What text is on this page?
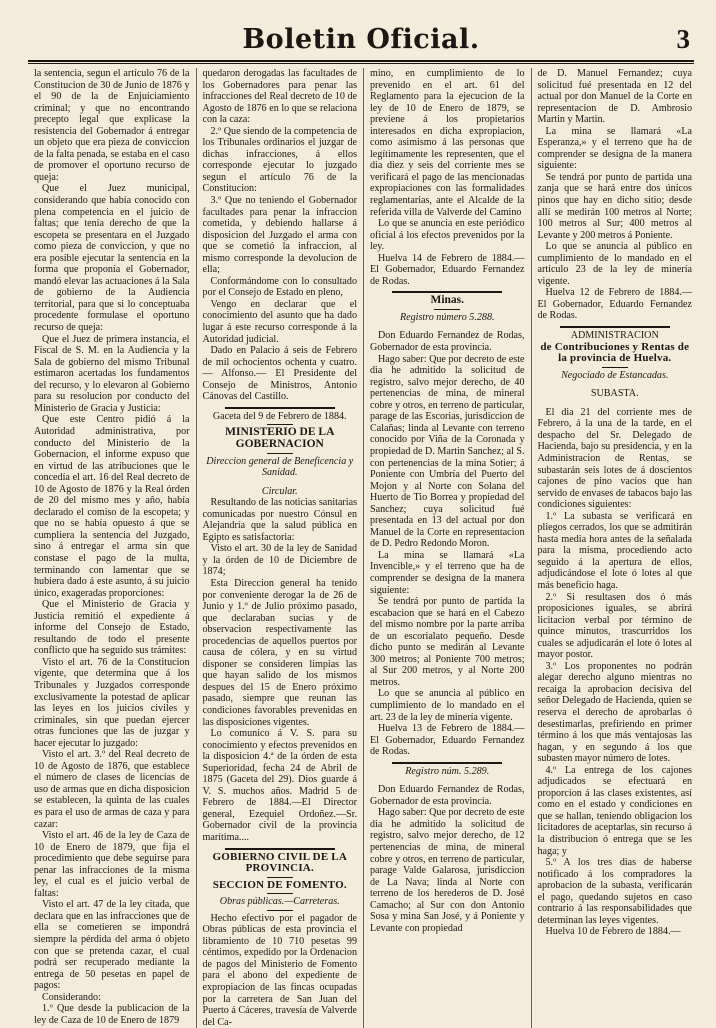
Boletin Oficial.	3

la sentencia, segun el artículo 76 de la Constitucion de 30 de Junio de 1876 y el 90 de la de Enjuiciamiento criminal; y que no encontrando precepto legal que explicase la resistencia del Gobernador á entregar un objeto que era pieza de conviccion de la falta penada, se estaba en el caso de promover el oportuno recurso de queja:

Que el Juez municipal, considerando que había conocido con plena competencia en el juicio de faltas; que tenía derecho de que la escopeta se presentara en el Juzgado como pieza de conviccion, y que no era posible ejecutar la sentencia en la forma que proponía el Gobernador, mandó elevar las actuaciones á la Sala de gobierno de la Audiencia territorial, para que si lo conceptuaba procedente formulase el oportuno recurso de queja:

Que el Juez de primera instancia, el Fiscal de S. M. en la Audiencia y la Sala de gobierno del mismo Tribunal estimaron acertadas los fundamentos del recurso, y lo elevaron al Gobierno para su resolucion por conducto del Ministerio de Gracia y Justicia:

Que este Centro pidió á la Autoridad administrativa, por conducto del Ministerio de la Gobernacion, el informe expuso que en virtud de las atribuciones que le concedía el art. 16 del Real decreto de 10 de Agosto de 1876 y la Real órden de 20 del mismo mes y año, había declarado el comiso de la escopeta; y que no se había opuesto á que se cumpliera la sentencia del Juzgado, sino á entregar el arma sin que constase el pago de la multa, terminando con lamentar que se hubiera dado á este asunto, á su juicio único, exageradas proporciones:

Que el Ministerio de Gracia y Justicia remitió el expediente á informe del Consejo de Estado, resultando de todo el presente conflicto que ha seguido sus trámites:

Visto el art. 76 de la Constitucion vigente, que determina que á los Tribunales y Juzgados corresponde exclusivamente la potestad de aplicar las leyes en los juicios civiles y criminales, sin que puedan ejercer otras funciones que las de juzgar y hacer ejecutar lo juzgado:

Visto el art. 3.º del Real decreto de 10 de Agosto de 1876, que establece el número de clases de licencias de uso de armas que en dicha disposicion se establecen, la quinta de las cuales es para el uso de armas de caza y para cazar:

Visto el art. 46 de la ley de Caza de 10 de Enero de 1879, que fija el procedimiento que debe seguirse para penar las infracciones de la misma ley, el cual es el juicio verbal de faltas:

Visto el art. 47 de la ley citada, que declara que en las infracciones que de ella se cometieren se impondrá siempre la pérdida del arma ó objeto con que se pretenda cazar, el cual podrá ser recuperado mediante la entrega de 50 pesetas en papel de pagos:

Considerando:

1.º Que desde la publicacion de la ley de Caza de 10 de Enero de 1879

quedaron derogadas las facultades de los Gobernadores para penar las infracciones del Real decreto de 10 de Agosto de 1876 en lo que se relaciona con la caza:

2.º Que siendo de la competencia de los Tribunales ordinarios el juzgar de dichas infracciones, á ellos corresponde ejecutar lo juzgado segun el artículo 76 de la Constitucion:

3.º Que no teniendo el Gobernador facultades para penar la infraccion cometida, y debiendo hallarse á disposicion del Juzgado el arma con que se cometió la infraccion, al mismo corresponde la devolucion de ella;

Conformándome con lo consultado por el Consejo de Estado en pleno,

Vengo en declarar que el conocimiento del asunto que ha dado lugar á este recurso corresponde á la Autoridad judicial.

Dado en Palacio á seis de Febrero de mil ochocientos ochenta y cuatro. — Alfonso.— El Presidente del Consejo de Ministros, Antonio Cánovas del Castillo.

Gaceta del 9 de Febrero de 1884.

MINISTERIO DE LA GOBERNACION

Direccion general de Beneficencia y Sanidad.

Circular.

Resultando de las noticias sanitarias comunicadas por nuestro Cónsul en Alejandría que la salud pública en Egipto es satisfactoria:

Visto el art. 30 de la ley de Sanidad y la órden de 10 de Diciembre de 1874;

Esta Direccion general ha tenido por conveniente derogar la de 26 de Junio y 1.º de Julio próximo pasado, que declaraban sucias y de observacion respectivamente las procedencias de aquellos puertos por causa de cólera, y en su virtud disponer se consideren limpias las que hayan salido de los mismos despues del 15 de Enero próximo pasado, siempre que reunan las condiciones favorables prevenidas en las disposiciones vigentes.

Lo comunico á V. S. para su conocimiento y efectos prevenidos en la disposicion 4.ª de la órden de esta Superioridad, fecha 24 de Abril de 1875 (Gaceta del 29). Dios guarde á V. S. muchos años. Madrid 5 de Febrero de 1884.—El Director general, Ezequiel Ordoñez.—Sr. Gobernador civil de la provincia marítima....

GOBIERNO CIVIL DE LA PROVINCIA.

SECCION DE FOMENTO.

Obras públicas.—Carreteras.

Hecho efectivo por el pagador de Obras públicas de esta provincia el libramiento de 10 710 pesetas 99 céntimos, expedido por la Ordenacion de pagos del Ministerio de Fomento para el abono del expediente de expropiacion de las fincas ocupadas por la carretera de San Juan del Puerto á Cáceres, travesía de Valverde del Ca-

mino, en cumplimiento de lo prevenido en el art. 61 del Reglamento para la ejecucion de la ley de 10 de Enero de 1879, se previene á los propietarios interesados en dicha expropiacion, como asimismo á las personas que legítimamente les representen, que el dia diez y seis del corriente mes se verificará el pago de las mencionadas expropiaciones con las formalidades reglamentarias, ante el Alcalde de la referida villa de Valverde del Camino

Lo que se anuncia en este periódico oficial á los efectos prevenidos por la ley.

Huelva 14 de Febrero de 1884.— El Gobernador, Eduardo Fernandez de Rodas.

Minas.

Registro número 5.288.

Don Eduardo Fernandez de Rodas, Gobernador de esta provincia.

Hago saber: Que por decreto de este dia he admitido la solicitud de registro, salvo mejor derecho, de 40 pertenencias de mina, de mineral cobre y otros, en terreno de particular, parage de las Escorias, jurisdiccion de Calañas; linda al Levante con terreno conocido por Viña de la Coronada y propiedad de D. Martin Sanchez; al S. con pertenencias de la mina Sotier; á Poniente con Umbría del Puerto del Mojon y al Norte con Solana del Huerto de Tio Borrea y propiedad del Sanchez; cuya solicitud fué presentada en 13 del actual por don Manuel de la Corte en representacion de D. Pedro Redondo Moron.

La mina se llamará «La Invencible,» y el terreno que ha de comprender se designa de la manera siguiente:

Se tendrá por punto de partida la escabacion que se hará en el Cabezo del mismo nombre por la parte arriba de un escorialato pequeño. Desde dicho punto se medirán al Levante 300 metros; al Poniente 700 metros; al Sur 200 metros, y al Norte 200 metros.

Lo que se anuncia al público en cumplimiento de lo mandado en el art. 23 de la ley de minería vigente.

Huelva 13 de Febrero de 1884.— El Gobernador, Eduardo Fernandez de Rodas.

Registro núm. 5.289.

Don Eduardo Fernandez de Rodas, Gobernador de esta provincia.

Hago saber: Que por decreto de este dia he admitido la solicitud de registro, salvo mejor derecho, de 12 pertenencias de mina, de mineral cobre y otros, en terreno de particular, parage Valde Galarosa, jurisdiccion de La Nava; linda al Norte con terreno de los herederos de D. José Camacho; al Sur con don Antonio Sosa y mina San José, y á Poniente y Levante con propiedad

de D. Manuel Fernandez; cuya solicitud fué presentada en 12 del actual por don Manuel de la Corte en representacion de D. Ambrosio Martin y Martin.

La mina se llamará «La Esperanza,» y el terreno que ha de comprender se designa de la manera siguiente:

Se tendrá por punto de partida una zanja que se hará entre dos únicos pinos que hay en dicho sitio; desde allí se medirán 100 metros al Norte; 100 metros al Sur; 400 metros al Levante y 200 metros á Poniente.

Lo que se anuncia al público en cumplimiento de lo mandado en el artículo 23 de la ley de minería vigente.

Huelva 12 de Febrero de 1884.— El Gobernador, Eduardo Fernandez de Rodas.

ADMINISTRACION

de Contribuciones y Rentas de la provincia de Huelva.

Negociado de Estancadas.

SUBASTA.

El dia 21 del corriente mes de Febrero, á la una de la tarde, en el despacho del Sr. Delegado de Hacienda, bajo su presidencia, y en la Administracion de Rentas, se subastarán seis lotes de á doscientos cajones de pino vacíos que han servido de envases de tabacos bajo las condiciones siguientes:

1.º La subasta se verificará en pliegos cerrados, los que se admitirán hasta media hora antes de la señalada para la misma, procediendo acto seguido á la apertura de ellos, adjudicándose el lote ó lotes al que más beneficio haga.

2.º Si resultasen dos ó más proposiciones iguales, se abrirá licitacion verbal por término de quince minutos, trascurridos los cuales se adjudicarán el lote ó lotes al mayor postor.

3.º Los proponentes no podrán alegar derecho alguno mientras no recaiga la aprobacion decisiva del señor Delegado de Hacienda, quien se reserva el derecho de aprobarlas ó desestimarlas, prefiriendo en primer término á los que más ventajosas las hagan, y en segundo á los que subasten mayor número de lotes.

4.º La entrega de los cajones adjudicados se efectuará en proporcion á las clases existentes, así como en el estado y condiciones en que se hallan, teniendo obligacion los licitadores de aceptarlas, sin recurso á la distribucion ó entrega que se les haga; y

5.º A los tres dias de haberse notificado á los compradores la aprobacion de la subasta, verificarán el pago, quedando sujetos en caso contrario á las responsabilidades que determinan las leyes vigentes.

Huelva 10 de Febrero de 1884.—
